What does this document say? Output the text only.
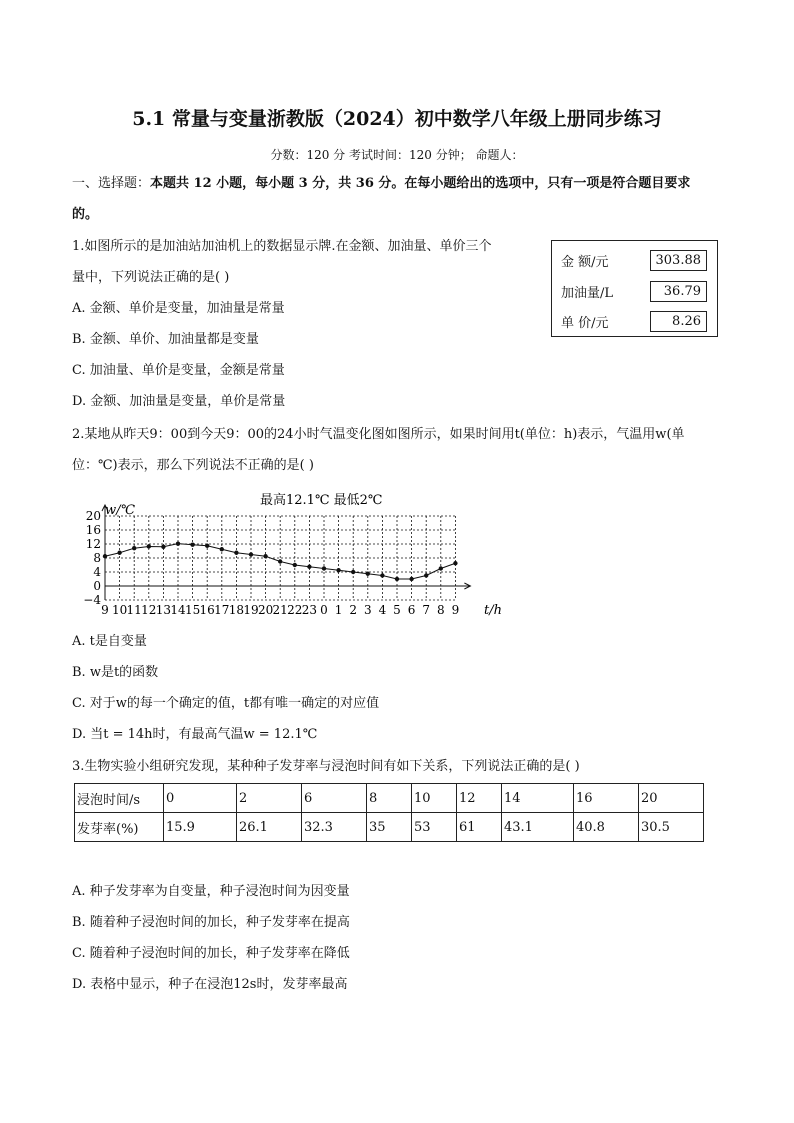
5.1 常量与变量浙教版（2024）初中数学八年级上册同步练习
分数：120 分 考试时间：120 分钟； 命题人：
一、选择题：本题共 12 小题，每小题 3 分，共 36 分。在每小题给出的选项中，只有一项是符合题目要求
的。
1.如图所示的是加油站加油机上的数据显示牌.在金额、加油量、单价三个
量中，下列说法正确的是( )
A. 金额、单价是变量，加油量是常量
B. 金额、单价、加油量都是变量
C. 加油量、单价是变量，金额是常量
D. 金额、加油量是变量，单价是常量
金 额/元	303.88
加油量/L	36.79
单 价/元	8.26
2.某地从昨天9：00到今天9：00的24小时气温变化图如图所示，如果时间用t(单位：h)表示，气温用w(单
位：℃)表示，那么下列说法不正确的是( )
最高12.1℃ 最低2℃
w/℃
t/h
20
16
12
8
4
0
−4
9 10 11 12 13 14 15 16 17 18 19 20 21 22 23 0 1 2 3 4 5 6 7 8 9
A. t是自变量
B. w是t的函数
C. 对于w的每一个确定的值，t都有唯一确定的对应值
D. 当t = 14h时，有最高气温w = 12.1℃
3.生物实验小组研究发现，某种种子发芽率与浸泡时间有如下关系，下列说法正确的是( )
浸泡时间/s	0	2	6	8	10	12	14	16	20
发芽率(%)	15.9	26.1	32.3	35	53	61	43.1	40.8	30.5
A. 种子发芽率为自变量，种子浸泡时间为因变量
B. 随着种子浸泡时间的加长，种子发芽率在提高
C. 随着种子浸泡时间的加长，种子发芽率在降低
D. 表格中显示，种子在浸泡12s时，发芽率最高
